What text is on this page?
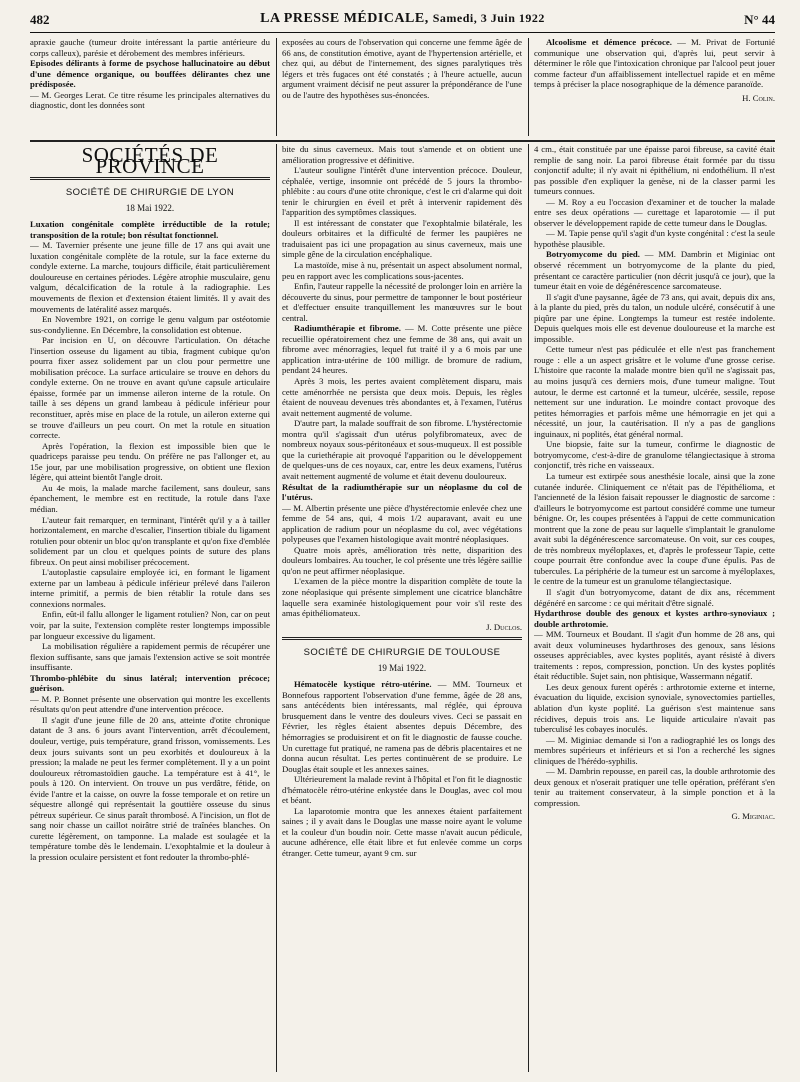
482	LA PRESSE MÉDICALE, Samedi, 3 Juin 1922	N° 44

apraxie gauche (tumeur droite intéressant la partie antérieure du corps calleux), parésie et dérobement des membres inférieurs.

Episodes délirants à forme de psychose hallucinatoire au début d'une démence organique, ou bouffées délirantes chez une prédisposée.

— M. Georges Lerat. Ce titre résume les principales alternatives du diagnostic, dont les données sont

exposées au cours de l'observation qui concerne une femme âgée de 66 ans, de constitution émotive, ayant de l'hypertension artérielle, et chez qui, au début de l'internement, des signes paralytiques très légers et très fugaces ont été constatés ; à l'heure actuelle, aucun argument vraiment décisif ne peut assurer la prépondérance de l'une ou de l'autre des hypothèses sus-énoncées.

Alcoolisme et démence précoce. — M. Privat de Fortunié communique une observation qui, d'après lui, peut servir à déterminer le rôle que l'intoxication chronique par l'alcool peut jouer comme facteur d'un affaiblissement intellectuel rapide et en même temps à préciser la place nosographique de la démence paranoïde.

H. Colin.

SOCIÉTÉS DE PROVINCE
SOCIÉTÉ DE CHIRURGIE DE LYON
18 Mai 1922.

Luxation congénitale complète irréductible de la rotule; transposition de la rotule; bon résultat fonctionnel.

— M. Tavernier présente une jeune fille de 17 ans qui avait une luxation congénitale complète de la rotule, sur la face externe du condyle externe. La marche, toujours difficile, était particulièrement douloureuse en certaines périodes. Légère atrophie musculaire, genu valgum, décalcification de la rotule à la radiographie. Les mouvements de flexion et d'extension étaient limités. Il y avait des mouvements de latéralité assez marqués.

En Novembre 1921, on corrige le genu valgum par ostéotomie sus-condylienne. En Décembre, la consolidation est obtenue.

Par incision en U, on découvre l'articulation. On détache l'insertion osseuse du ligament au tibia, fragment cubique qu'on pourra fixer assez solidement par un clou pour permettre une mobilisation précoce. La surface articulaire se trouve en dehors du condyle externe. On ne trouve en avant qu'une capsule articulaire épaisse, formée par un immense aileron interne de la rotule. On taille à ses dépens un grand lambeau à pédicule inférieur pour reconstituer, après mise en place de la rotule, un aileron externe qui se trouve d'ailleurs un peu court. On met la rotule en situation correcte.

Après l'opération, la flexion est impossible bien que le quadriceps paraisse peu tendu. On préfère ne pas l'allonger et, au 15e jour, par une mobilisation progressive, on obtient une flexion légère, qui atteint bientôt l'angle droit.

Au 4e mois, la malade marche facilement, sans douleur, sans épanchement, le membre est en rectitude, la rotule dans l'axe médian.

L'auteur fait remarquer, en terminant, l'intérêt qu'il y a à tailler horizontalement, en marche d'escalier, l'insertion tibiale du ligament rotulien pour obtenir un bloc qu'on transplante et qu'on fixe d'emblée solidement par un clou et quelques points de suture des plans fibreux. On peut ainsi mobiliser précocement.

L'autoplastie capsulaire employée ici, en formant le ligament externe par un lambeau à pédicule inférieur prélevé dans l'aileron interne primitif, a permis de bien rétablir la rotule dans ses connexions normales.

Enfin, eût-il fallu allonger le ligament rotulien? Non, car on peut voir, par la suite, l'extension complète rester longtemps impossible par longueur excessive du ligament.

La mobilisation régulière a rapidement permis de récupérer une flexion suffisante, sans que jamais l'extension active se soit montrée insuffisante.

Thrombo-phlébite du sinus latéral; intervention précoce; guérison.

— M. P. Bonnet présente une observation qui montre les excellents résultats qu'on peut attendre d'une intervention précoce.

Il s'agit d'une jeune fille de 20 ans, atteinte d'otite chronique datant de 3 ans. 6 jours avant l'intervention, arrêt d'écoulement, douleur, vertige, puis température, grand frisson, vomissements. Les deux jours suivants sont un peu exorbités et douloureux à la pression; la malade ne peut les fermer complètement. Il y a un point douloureux rétromastoïdien gauche. La température est à 41°, le pouls à 120. On intervient. On trouve un pus verdâtre, fétide, on évide l'antre et la caisse, on ouvre la fosse temporale et on retire un séquestre allongé qui représentait la gouttière osseuse du sinus pétreux supérieur. Ce sinus paraît thrombosé. A l'incision, un flot de sang noir chasse un caillot noirâtre strié de traînées blanches. On curette légèrement, on tamponne. La malade est soulagée et la température tombe dès le lendemain. L'exophtalmie et la douleur à la pression oculaire persistent et font redouter la thrombo-phlé-

bite du sinus caverneux. Mais tout s'amende et on obtient une amélioration progressive et définitive.

L'auteur souligne l'intérêt d'une intervention précoce. Douleur, céphalée, vertige, insomnie ont précédé de 5 jours la thrombo-phlébite : au cours d'une otite chronique, c'est le cri d'alarme qui doit tenir le chirurgien en éveil et prêt à intervenir rapidement dès l'apparition des symptômes classiques.

Il est intéressant de constater que l'exophtalmie bilatérale, les douleurs orbitaires et la difficulté de fermer les paupières ne traduisaient pas ici une propagation au sinus caverneux, mais une simple gêne de la circulation encéphalique.

La mastoïde, mise à nu, présentait un aspect absolument normal, peu en rapport avec les complications sous-jacentes.

Enfin, l'auteur rappelle la nécessité de prolonger loin en arrière la découverte du sinus, pour permettre de tamponner le bout postérieur et d'effectuer ensuite tranquillement les manœuvres sur le bout central.

Radiumthérapie et fibrome. — M. Cotte présente une pièce recueillie opératoirement chez une femme de 38 ans, qui avait un fibrome avec ménorragies, lequel fut traité il y a 6 mois par une application intra-utérine de 100 milligr. de bromure de radium, pendant 24 heures.

Après 3 mois, les pertes avaient complètement disparu, mais cette aménorrhée ne persista que deux mois. Depuis, les règles étaient de nouveau devenues très abondantes et, à l'examen, l'utérus avait nettement augmenté de volume.

D'autre part, la malade souffrait de son fibrome. L'hystérectomie montra qu'il s'agissait d'un utérus polyfibromateux, avec de nombreux noyaux sous-péritonéaux et sous-muqueux. Il est possible que la curiethérapie ait provoqué l'apparition ou le développement de quelques-uns de ces noyaux, car, entre les deux examens, l'utérus avait nettement augmenté de volume et était devenu douloureux.

Résultat de la radiumthérapie sur un néoplasme du col de l'utérus.

— M. Albertin présente une pièce d'hystérectomie enlevée chez une femme de 54 ans, qui, 4 mois 1/2 auparavant, avait eu une application de radium pour un néoplasme du col, avec végétations polypeuses que l'examen histologique avait montré néoplasiques.

Quatre mois après, amélioration très nette, disparition des douleurs lombaires. Au toucher, le col présente une très légère saillie qu'on ne peut affirmer néoplasique.

L'examen de la pièce montre la disparition complète de toute la zone néoplasique qui présente simplement une cicatrice blanchâtre laquelle sera examinée histologiquement pour voir s'il reste des amas épithéliomateux.

J. Duclos.

SOCIÉTÉ DE CHIRURGIE DE TOULOUSE
19 Mai 1922.

Hématocèle kystique rétro-utérine. — MM. Tourneux et Bonnefous rapportent l'observation d'une femme, âgée de 28 ans, sans antécédents bien intéressants, mal réglée, qui éprouva brusquement dans le ventre des douleurs vives. Ceci se passait en Février, les règles étaient absentes depuis Décembre, des hémorragies se produisirent et on fit le diagnostic de fausse couche. Un curettage fut pratiqué, ne ramena pas de débris placentaires et ne donna aucun résultat. Les pertes continuèrent de se produire. Le Douglas était souple et les annexes saines.

Ultérieurement la malade revint à l'hôpital et l'on fit le diagnostic d'hématocèle rétro-utérine enkystée dans le Douglas, avec col mou et béant.

La laparotomie montra que les annexes étaient parfaitement saines ; il y avait dans le Douglas une masse noire ayant le volume et la couleur d'un boudin noir. Cette masse n'avait aucun pédicule, aucune adhérence, elle était libre et fut enlevée comme un corps étranger. Cette tumeur, ayant 9 cm. sur

4 cm., était constituée par une épaisse paroi fibreuse, sa cavité était remplie de sang noir. La paroi fibreuse était formée par du tissu conjonctif adulte; il n'y avait ni épithélium, ni endothélium. Il n'est pas possible d'en expliquer la genèse, ni de la classer parmi les tumeurs connues.

— M. Roy a eu l'occasion d'examiner et de toucher la malade entre ses deux opérations — curettage et laparotomie — il put observer le développement rapide de cette tumeur dans le Douglas.

— M. Tapie pense qu'il s'agit d'un kyste congénital : c'est la seule hypothèse plausible.

Botryomycome du pied. — MM. Dambrin et Miginiac ont observé récemment un botryomycome de la plante du pied, présentant ce caractère particulier (non décrit jusqu'à ce jour), que la tumeur était en voie de dégénérescence sarcomateuse.

Il s'agit d'une paysanne, âgée de 73 ans, qui avait, depuis dix ans, à la plante du pied, près du talon, un nodule ulcéré, consécutif à une piqûre par une épine. Longtemps la tumeur est restée indolente. Depuis quelques mois elle est devenue douloureuse et la marche est impossible.

Cette tumeur n'est pas pédiculée et elle n'est pas franchement rouge : elle a un aspect grisâtre et le volume d'une grosse cerise. L'histoire que raconte la malade montre bien qu'il ne s'agissait pas, au moins jusqu'à ces derniers mois, d'une tumeur maligne. Tout autour, le derme est cartonné et la tumeur, ulcérée, sessile, repose nettement sur une induration. Le moindre contact provoque des petites hémorragies et parfois même une hémorragie en jet qui a nécessité, un jour, la cautérisation. Il n'y a pas de ganglions inguinaux, ni poplités, état général normal.

Une biopsie, faite sur la tumeur, confirme le diagnostic de botryomycome, c'est-à-dire de granulome télangiectasique à stroma conjonctif, très riche en vaisseaux.

La tumeur est extirpée sous anesthésie locale, ainsi que la zone cutanée indurée. Cliniquement ce n'était pas de l'épithélioma, et l'ancienneté de la lésion faisait repousser le diagnostic de sarcome : d'ailleurs le botryomycome est partout considéré comme une tumeur bénigne. Or, les coupes présentées à l'appui de cette communication montrent que la zone de peau sur laquelle s'implantait le granulome avait subi la dégénérescence sarcomateuse. On voit, sur ces coupes, de très nombreux myéloplaxes, et, d'après le professeur Tapie, cette coupe pourrait être confondue avec la coupe d'une épulis. Pas de tubercules. La périphérie de la tumeur est un sarcome à myéloplaxes, le centre de la tumeur est un granulome télangiectasique.

Il s'agit d'un botryomycome, datant de dix ans, récemment dégénéré en sarcome : ce qui méritait d'être signalé.

Hydarthrose double des genoux et kystes arthro-synoviaux ; double arthrotomie.

— MM. Tourneux et Boudant. Il s'agit d'un homme de 28 ans, qui avait deux volumineuses hydarthroses des genoux, sans lésions osseuses appréciables, avec kystes poplités, ayant résisté à divers traitements : repos, compression, ponction. Un des kystes poplités était réductible. Sujet sain, non phtisique, Wassermann négatif.

Les deux genoux furent opérés : arthrotomie externe et interne, évacuation du liquide, excision synoviale, synovectomies partielles, ablation d'un kyste poplité. La guérison s'est maintenue sans récidives, depuis trois ans. Le liquide articulaire n'avait pas tuberculisé les cobayes inoculés.

— M. Miginiac demande si l'on a radiographié les os longs des membres supérieurs et inférieurs et si l'on a recherché les signes cliniques de l'hérédo-syphilis.

— M. Dambrin repousse, en pareil cas, la double arthrotomie des deux genoux et n'oserait pratiquer une telle opération, préférant s'en tenir au traitement conservateur, à la simple ponction et à la compression.

G. Miginiac.
